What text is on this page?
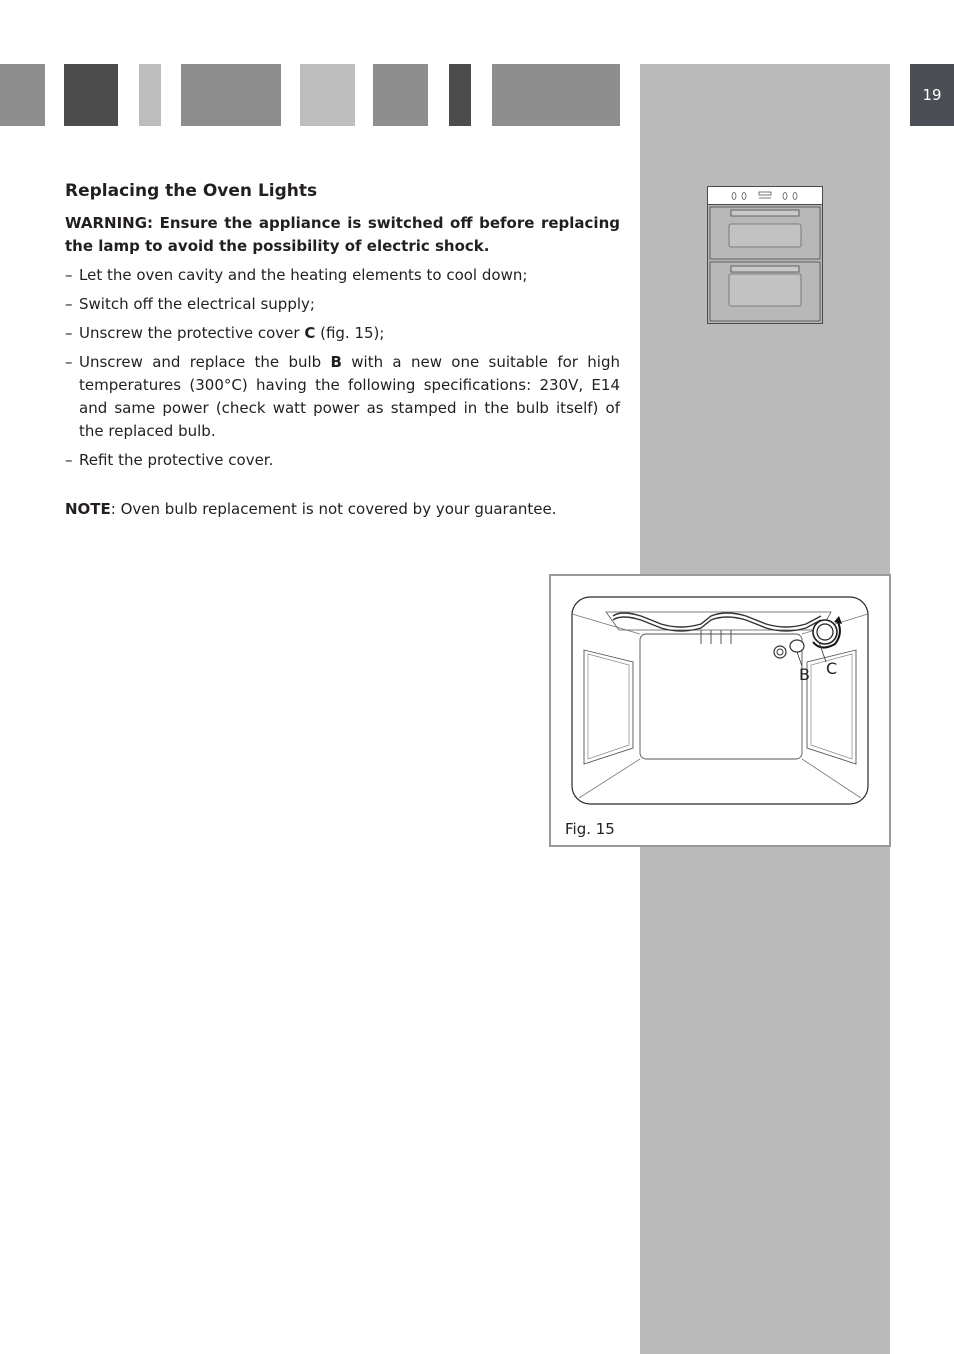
19
Replacing the Oven Lights

WARNING: Ensure the appliance is switched off before replacing the lamp to avoid the possibility of electric shock.

– Let the oven cavity and the heating elements to cool down;
– Switch off the electrical supply;
– Unscrew the protective cover C (fig. 15);
– Unscrew and replace the bulb B with a new one suitable for high temperatures (300°C) having the following specifications: 230V, E14 and same power (check watt power as stamped in the bulb itself) of the replaced bulb.
– Refit the protective cover.

NOTE: Oven bulb replacement is not covered by your guarantee.

B C
Fig. 15
